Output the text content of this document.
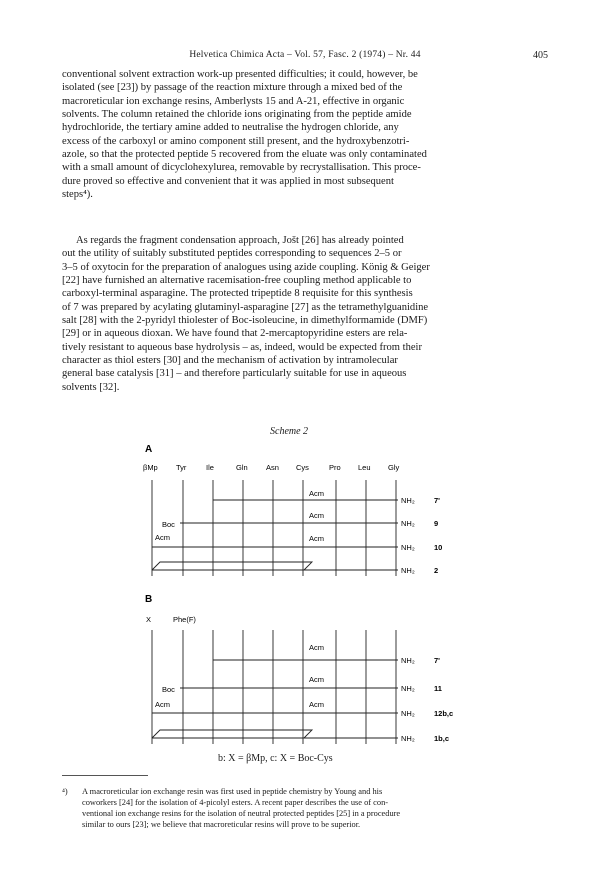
Helvetica Chimica Acta – Vol. 57, Fasc. 2 (1974) – Nr. 44	405

conventional solvent extraction work-up presented difficulties; it could, however, be
isolated (see [23]) by passage of the reaction mixture through a mixed bed of the
macroreticular ion exchange resins, Amberlysts 15 and A-21, effective in organic
solvents. The column retained the chloride ions originating from the peptide amide
hydrochloride, the tertiary amine added to neutralise the hydrogen chloride, any
excess of the carboxyl or amino component still present, and the hydroxybenzotri-
azole, so that the protected peptide 5 recovered from the eluate was only contaminated
with a small amount of dicyclohexylurea, removable by recrystallisation. This proce-
dure proved so effective and convenient that it was applied in most subsequent
steps⁴).

As regards the fragment condensation approach, Jošt [26] has already pointed
out the utility of suitably substituted peptides corresponding to sequences 2–5 or
3–5 of oxytocin for the preparation of analogues using azide coupling. König & Geiger
[22] have furnished an alternative racemisation-free coupling method applicable to
carboxyl-terminal asparagine. The protected tripeptide 8 requisite for this synthesis
of 7 was prepared by acylating glutaminyl-asparagine [27] as the tetramethylguanidine
salt [28] with the 2-pyridyl thiolester of Boc-isoleucine, in dimethylformamide (DMF)
[29] or in aqueous dioxan. We have found that 2-mercaptopyridine esters are rela-
tively resistant to aqueous base hydrolysis – as, indeed, would be expected from their
character as thiol esters [30] and the mechanism of activation by intramolecular
general base catalysis [31] – and therefore particularly suitable for use in aqueous
solvents [32].

Scheme 2
A
βMp Tyr	Ile	Gln Asn Cys	Pro Leu Gly
Acm
Boc
Acm
Acm	Acm
NH₂
NH₂
NH₂
NH₂
7'
9
10
2
B
X	Phe(F)
Acm
Boc
Acm
Acm	Acm
NH₂
NH₂
NH₂
NH₂
7'
11
12b,c
1b,c
b: X = βMp, c: X = Boc-Cys
⁴) A macroreticular ion exchange resin was first used in peptide chemistry by Young and his
coworkers [24] for the isolation of 4-picolyl esters. A recent paper describes the use of con-
ventional ion exchange resins for the isolation of neutral protected peptides [25] in a procedure
similar to ours [23]; we believe that macroreticular resins will prove to be superior.
